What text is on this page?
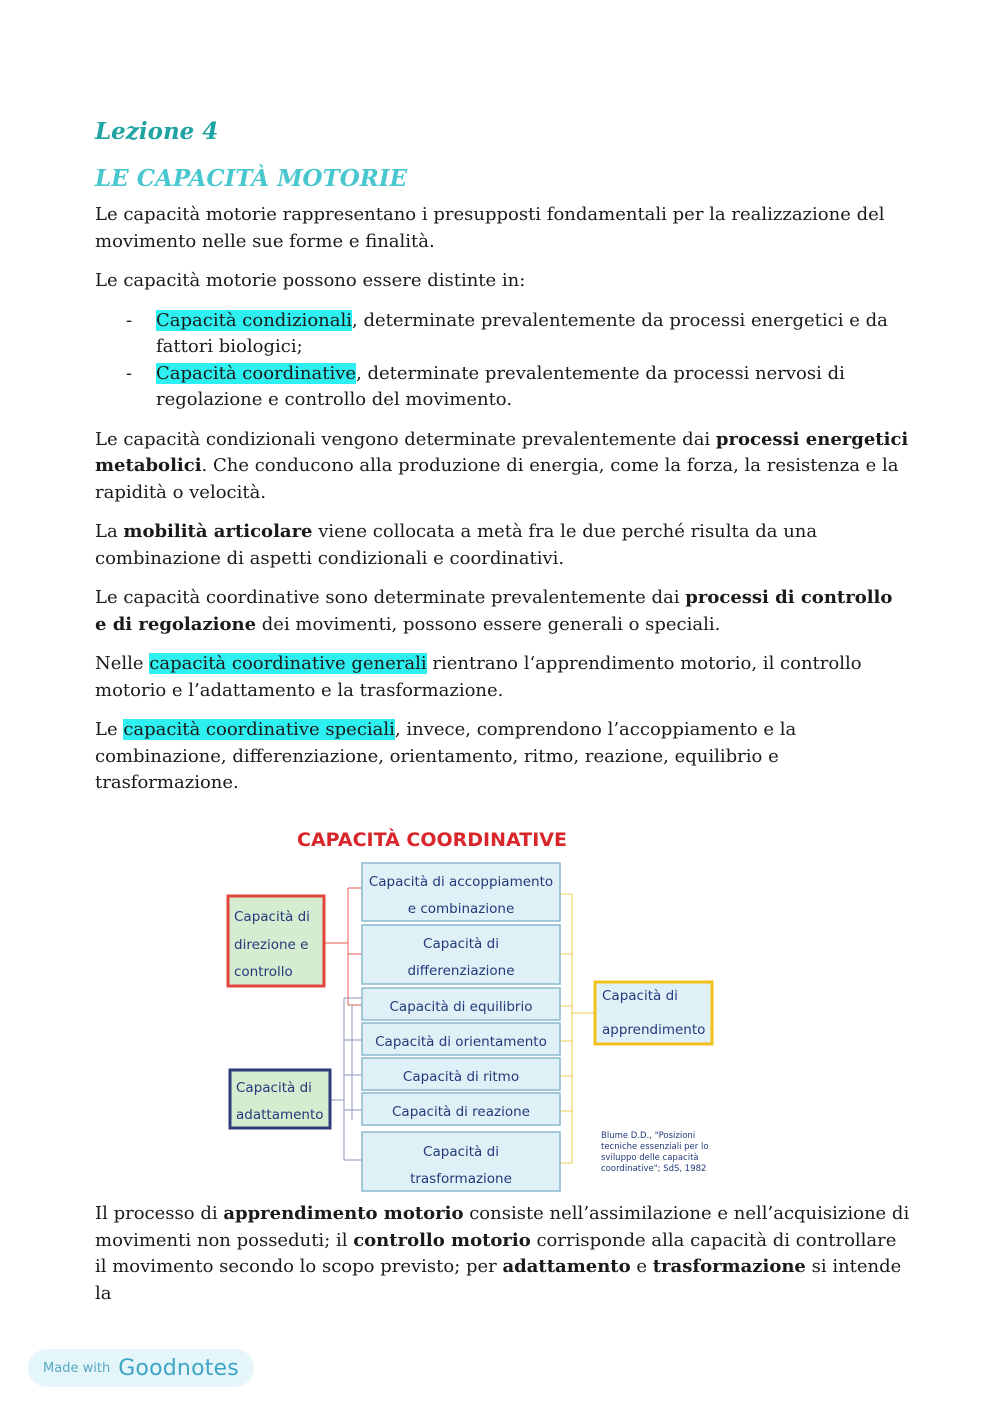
Lezione 4
LE CAPACITÀ MOTORIE

Le capacità motorie rappresentano i presupposti fondamentali per la realizzazione del movimento nelle sue forme e finalità.

Le capacità motorie possono essere distinte in:

- Capacità condizionali, determinate prevalentemente da processi energetici e da fattori biologici;
- Capacità coordinative, determinate prevalentemente da processi nervosi di regolazione e controllo del movimento.

Le capacità condizionali vengono determinate prevalentemente dai processi energetici metabolici. Che conducono alla produzione di energia, come la forza, la resistenza e la rapidità o velocità.

La mobilità articolare viene collocata a metà fra le due perché risulta da una combinazione di aspetti condizionali e coordinativi.

Le capacità coordinative sono determinate prevalentemente dai processi di controllo e di regolazione dei movimenti, possono essere generali o speciali.

Nelle capacità coordinative generali rientrano l‘apprendimento motorio, il controllo motorio e l’adattamento e la trasformazione.

Le capacità coordinative speciali, invece, comprendono l’accoppiamento e la combinazione, differenziazione, orientamento, ritmo, reazione, equilibrio e trasformazione.

CAPACITÀ COORDINATIVE
Capacità di
direzione e
controllo
Capacità di
adattamento
Capacità di
apprendimento
Capacità di accoppiamento
e combinazione
Capacità di
differenziazione
Capacità di equilibrio
Capacità di orientamento
Capacità di ritmo
Capacità di reazione
Capacità di
trasformazione
Blume D.D., "Posizioni
tecniche essenziali per lo
sviluppo delle capacità
coordinative"; SdS, 1982

Il processo di apprendimento motorio consiste nell’assimilazione e nell’acquisizione di movimenti non posseduti; il controllo motorio corrisponde alla capacità di controllare il movimento secondo lo scopo previsto; per adattamento e trasformazione si intende la

Made with Goodnotes
